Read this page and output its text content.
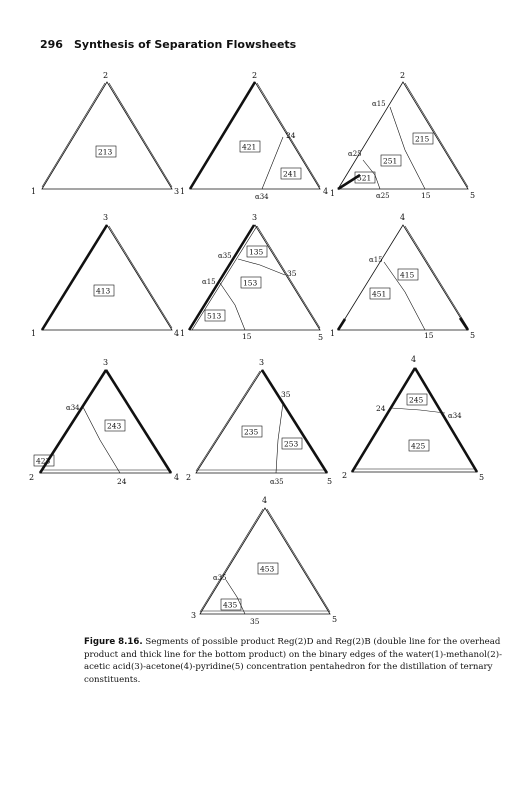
296 Synthesis of Separation Flowsheets
2
1	3
213
2
1	4
421
241
24
α34
2
1	5
215
251
521
α15
α25
α25	15
3
1	4
413
3
1	5
135
153
513
α35
35
α15
15
4
1	5
415
451
α15
15
3
2	4
243
423
α34
24
3
2	5
235
253
35
α35
4
2	5
245
425
24
α34
4
3	5
453
435
α35
35
Figure 8.16. Segments of possible product Reg(2)D and Reg(2)B (double line for the overhead
product and thick line for the bottom product) on the binary edges of the water(1)-methanol(2)-
acetic acid(3)-acetone(4)-pyridine(5) concentration pentahedron for the distillation of ternary
constituents.
